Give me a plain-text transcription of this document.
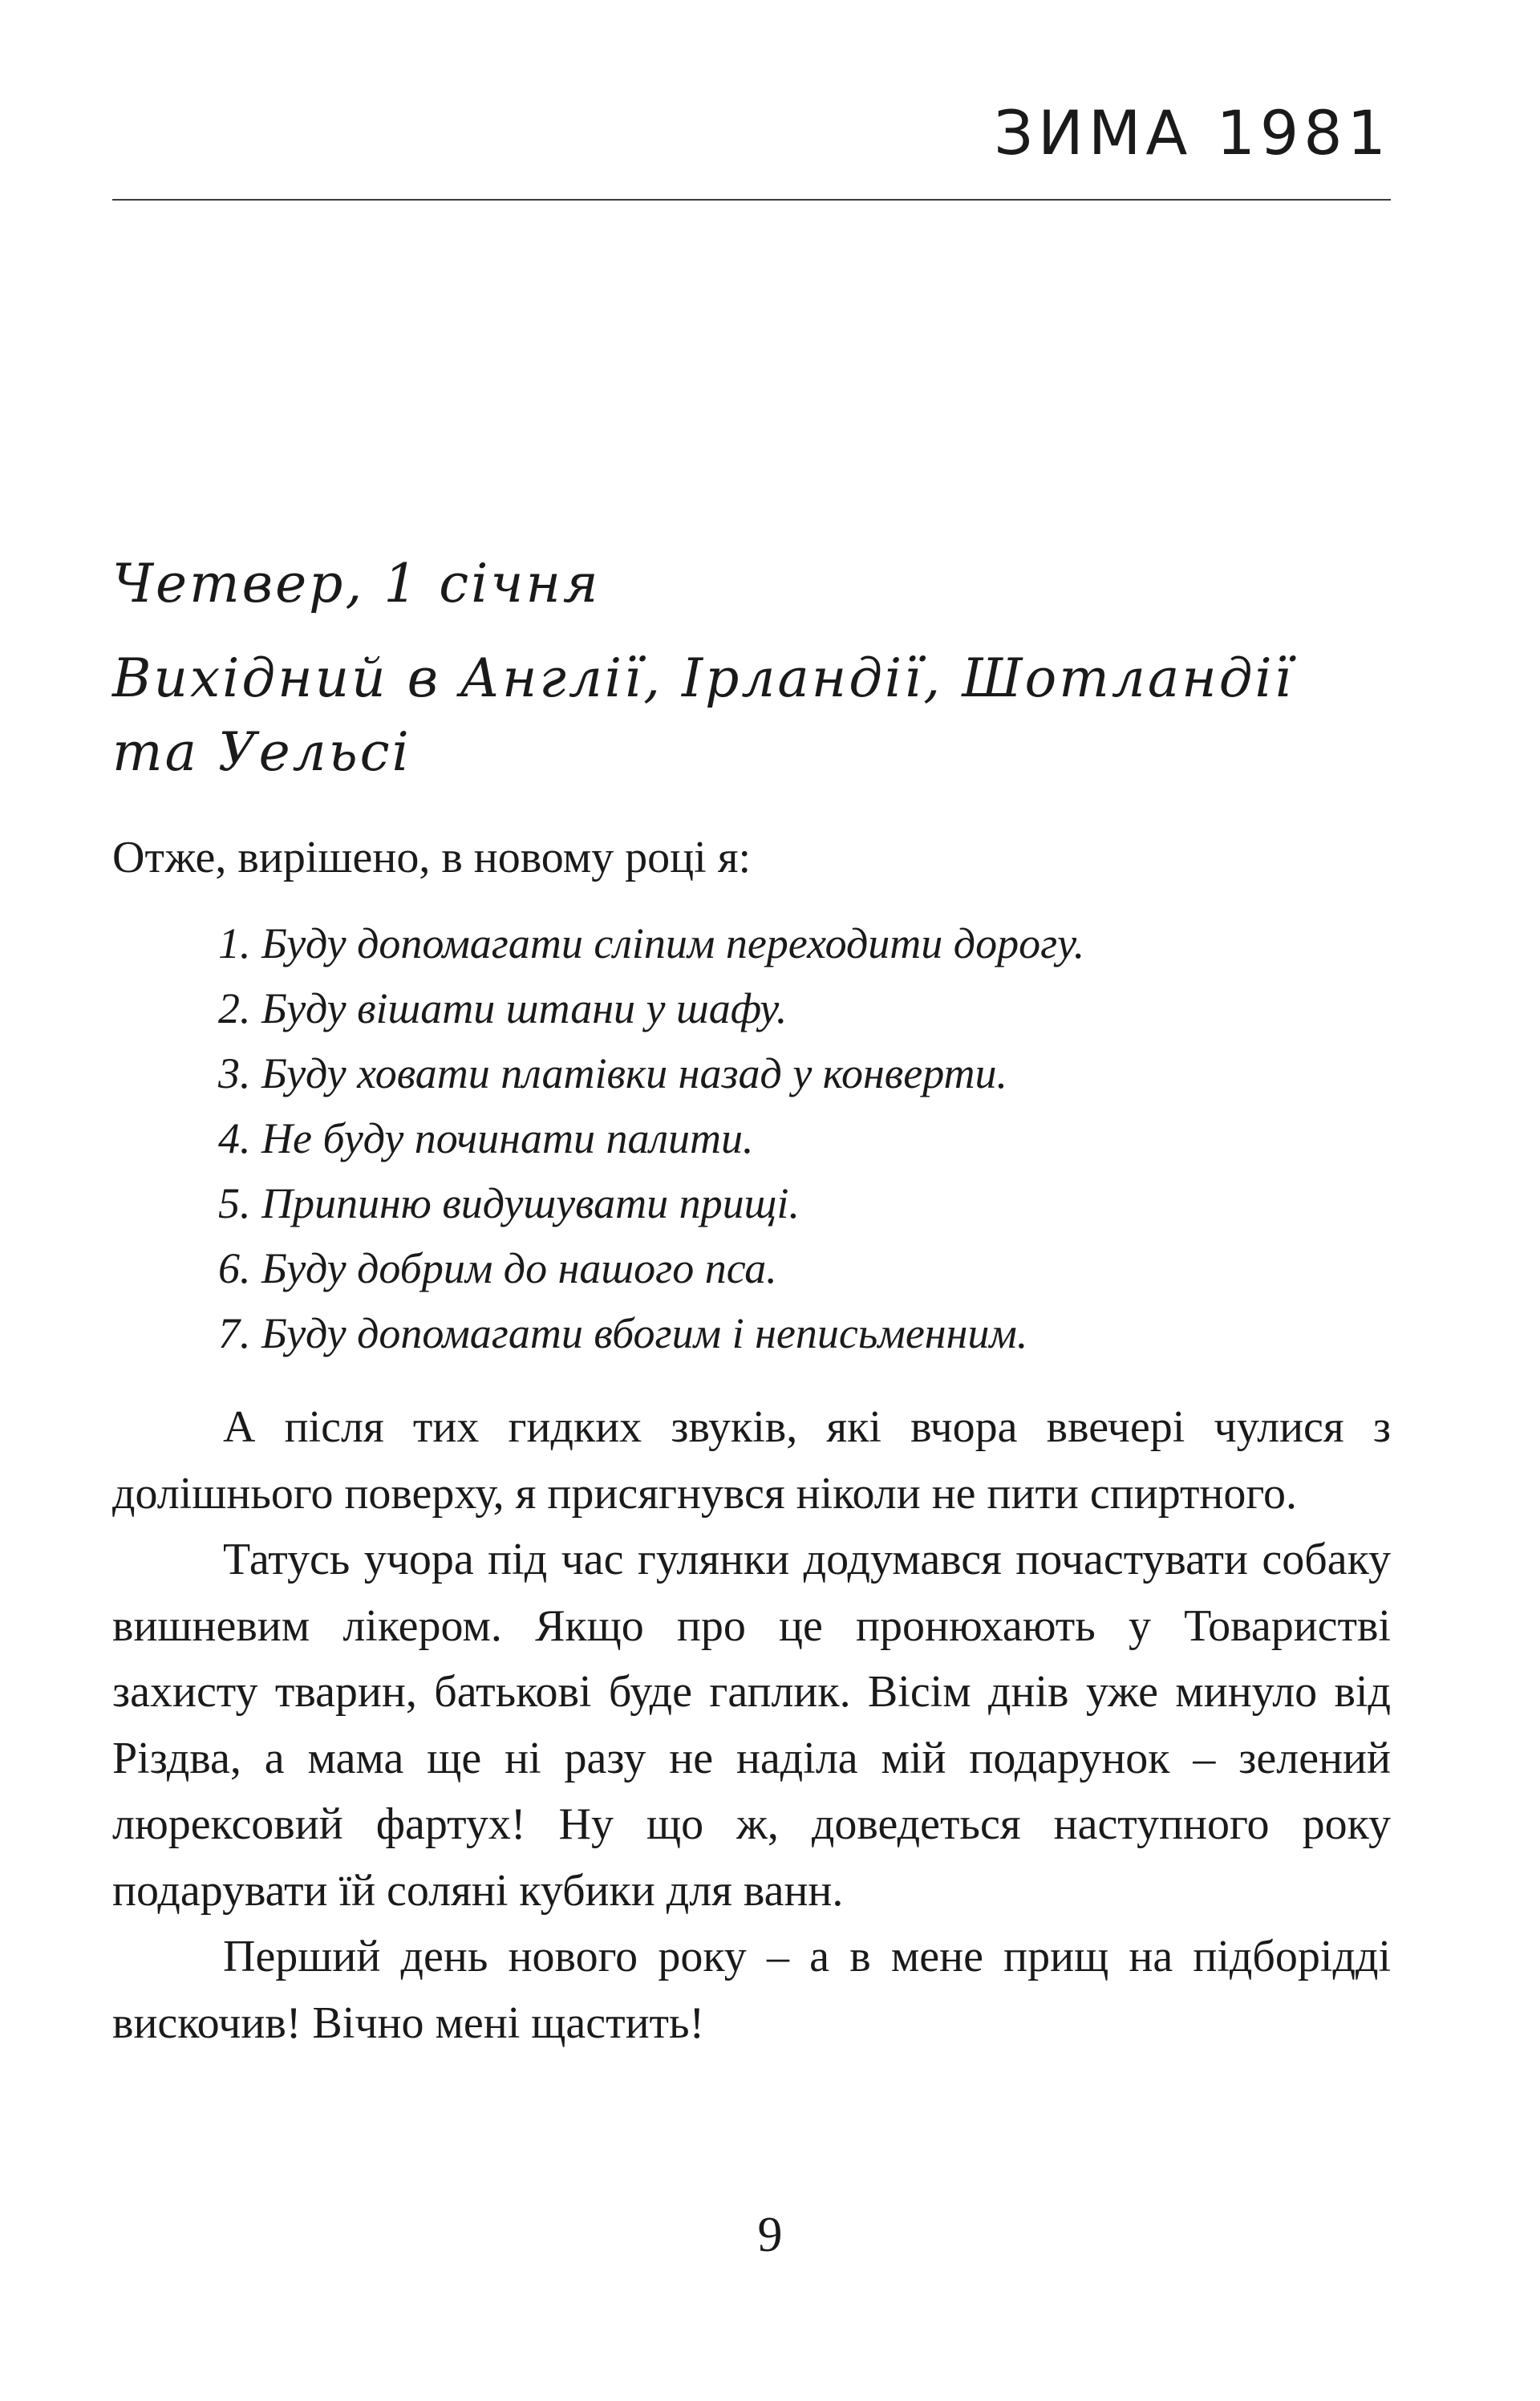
ЗИМА 1981
Четвер, 1 січня
Вихідний в Англії, Ірландії, Шотландії та Уельсі
Отже, вирішено, в новому році я:
1. Буду допомагати сліпим переходити дорогу.
2. Буду вішати штани у шафу.
3. Буду ховати платівки назад у конверти.
4. Не буду починати палити.
5. Припиню видушувати прищі.
6. Буду добрим до нашого пса.
7. Буду допомагати вбогим і неписьменним.

А після тих гидких звуків, які вчора ввечері чулися з долішнього поверху, я присягнувся ніколи не пити спиртного.

Татусь учора під час гулянки додумався почастувати собаку вишневим лікером. Якщо про це пронюхають у Товаристві захисту тварин, батькові буде гаплик. Вісім днів уже минуло від Різдва, а мама ще ні разу не наділа мій подарунок – зелений люрексовий фартух! Ну що ж, доведеться наступного року подарувати їй соляні кубики для ванн.

Перший день нового року – а в мене прищ на підборідді вискочив! Вічно мені щастить!

9
